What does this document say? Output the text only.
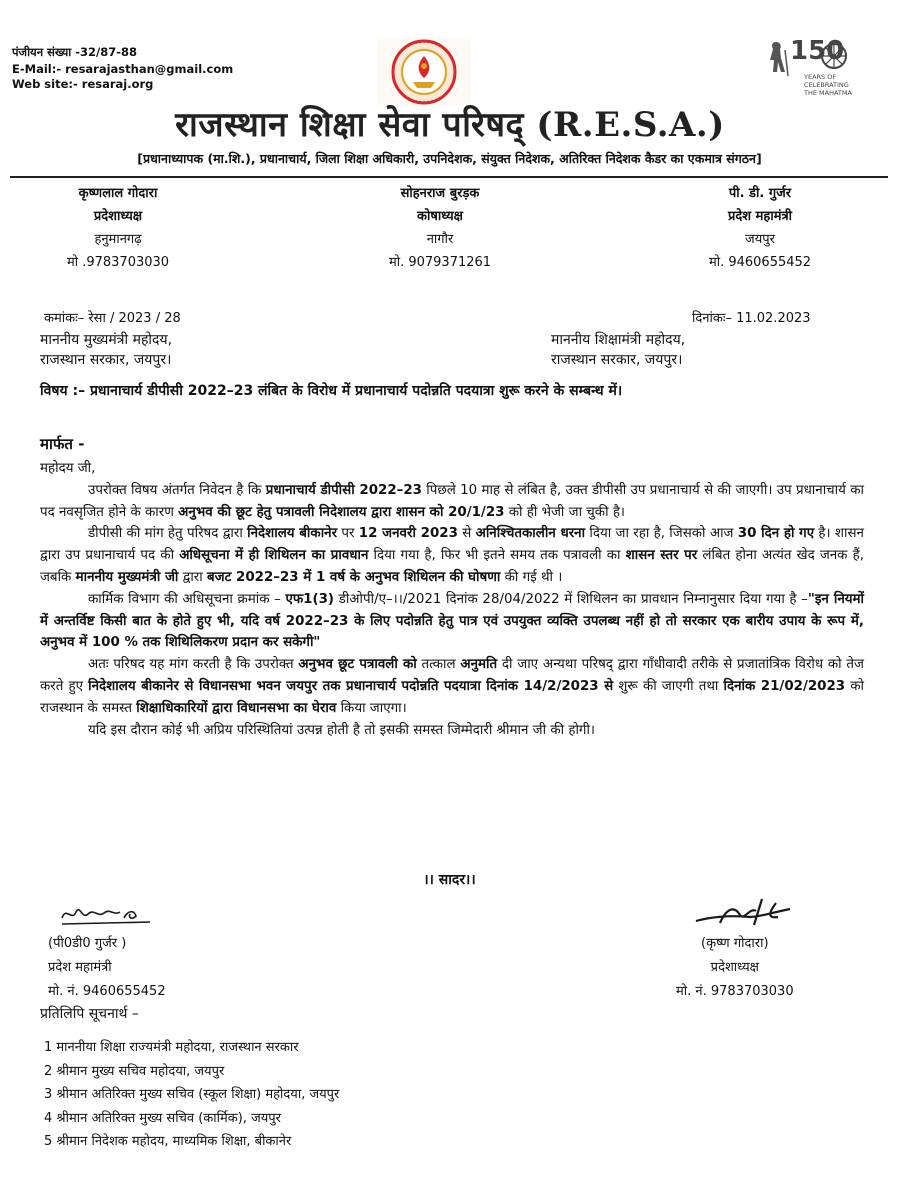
पंजीयन संख्या -32/87-88
E-Mail:- resarajasthan@gmail.com
Web site:- resaraj.org
150
YEARS OF
CELEBRATING
THE MAHATMA
राजस्थान शिक्षा सेवा परिषद् (R.E.S.A.)
[प्रधानाध्यापक (मा.शि.), प्रधानाचार्य, जिला शिक्षा अधिकारी, उपनिदेशक, संयुक्त निदेशक, अतिरिक्त निदेशक कैडर का एकमात्र संगठन]
कृष्णलाल गोदारा
प्रदेशाध्यक्ष
हनुमानगढ़
मो .9783703030
सोहनराज बुरड़क
कोषाध्यक्ष
नागौर
मो. 9079371261
पी. डी. गुर्जर
प्रदेश महामंत्री
जयपुर
मो. 9460655452
कमांकः– रेसा / 2023 / 28	दिनांकः– 11.02.2023
माननीय मुख्यमंत्री महोदय,
राजस्थान सरकार, जयपुर।
माननीय शिक्षामंत्री महोदय,
राजस्थान सरकार, जयपुर।
विषय :– प्रधानाचार्य डीपीसी 2022–23 लंबित के विरोध में प्रधानाचार्य पदोन्नति पदयात्रा शुरू करने के सम्बन्ध में।
मार्फत -

महोदय जी,

उपरोक्त विषय अंतर्गत निवेदन है कि प्रधानाचार्य डीपीसी 2022–23 पिछले 10 माह से लंबित है, उक्त डीपीसी उप प्रधानाचार्य से की जाएगी। उप प्रधानाचार्य का पद नवसृजित होने के कारण अनुभव की छूट हेतु पत्रावली निदेशालय द्वारा शासन को 20/1/23 को ही भेजी जा चुकी है।

डीपीसी की मांग हेतु परिषद द्वारा निदेशालय बीकानेर पर 12 जनवरी 2023 से अनिश्चितकालीन धरना दिया जा रहा है, जिसको आज 30 दिन हो गए है। शासन द्वारा उप प्रधानाचार्य पद की अधिसूचना में ही शिथिलन का प्रावधान दिया गया है, फिर भी इतने समय तक पत्रावली का शासन स्तर पर लंबित होना अत्यंत खेद जनक हैं, जबकि माननीय मुख्यमंत्री जी द्वारा बजट 2022–23 में 1 वर्ष के अनुभव शिथिलन की घोषणा की गई थी ।

कार्मिक विभाग की अधिसूचना क्रमांक – एफ1(3) डीओपी/ए–।।/2021 दिनांक 28/04/2022 में शिथिलन का प्रावधान निम्नानुसार दिया गया है –"इन नियमों में अन्तर्विष्ट किसी बात के होते हुए भी, यदि वर्ष 2022–23 के लिए पदोन्नति हेतु पात्र एवं उपयुक्त व्यक्ति उपलब्ध नहीं हो तो सरकार एक बारीय उपाय के रूप में, अनुभव में 100 % तक शिथिलिकरण प्रदान कर सकेगी"

अतः परिषद यह मांग करती है कि उपरोक्त अनुभव छूट पत्रावली को तत्काल अनुमति दी जाए अन्यथा परिषद् द्वारा गाँधीवादी तरीके से प्रजातांत्रिक विरोध को तेज करते हुए निदेशालय बीकानेर से विधानसभा भवन जयपुर तक प्रधानाचार्य पदोन्नति पदयात्रा दिनांक 14/2/2023 से शुरू की जाएगी तथा दिनांक 21/02/2023 को राजस्थान के समस्त शिक्षाधिकारियों द्वारा विधानसभा का घेराव किया जाएगा।

यदि इस दौरान कोई भी अप्रिय परिस्थितियां उत्पन्न होती है तो इसकी समस्त जिम्मेदारी श्रीमान जी की होगी।

।। सादर।।
(पी0डी0 गुर्जर )
प्रदेश महामंत्री
मो. नं. 9460655452
(कृष्ण गोदारा)
प्रदेशाध्यक्ष
मो. नं. 9783703030
प्रतिलिपि सूचनार्थ –
1 माननीया शिक्षा राज्यमंत्री महोदया, राजस्थान सरकार
2 श्रीमान मुख्य सचिव महोदया, जयपुर
3 श्रीमान अतिरिक्त मुख्य सचिव (स्कूल शिक्षा) महोदया, जयपुर
4 श्रीमान अतिरिक्त मुख्य सचिव (कार्मिक), जयपुर
5 श्रीमान निदेशक महोदय, माध्यमिक शिक्षा, बीकानेर
